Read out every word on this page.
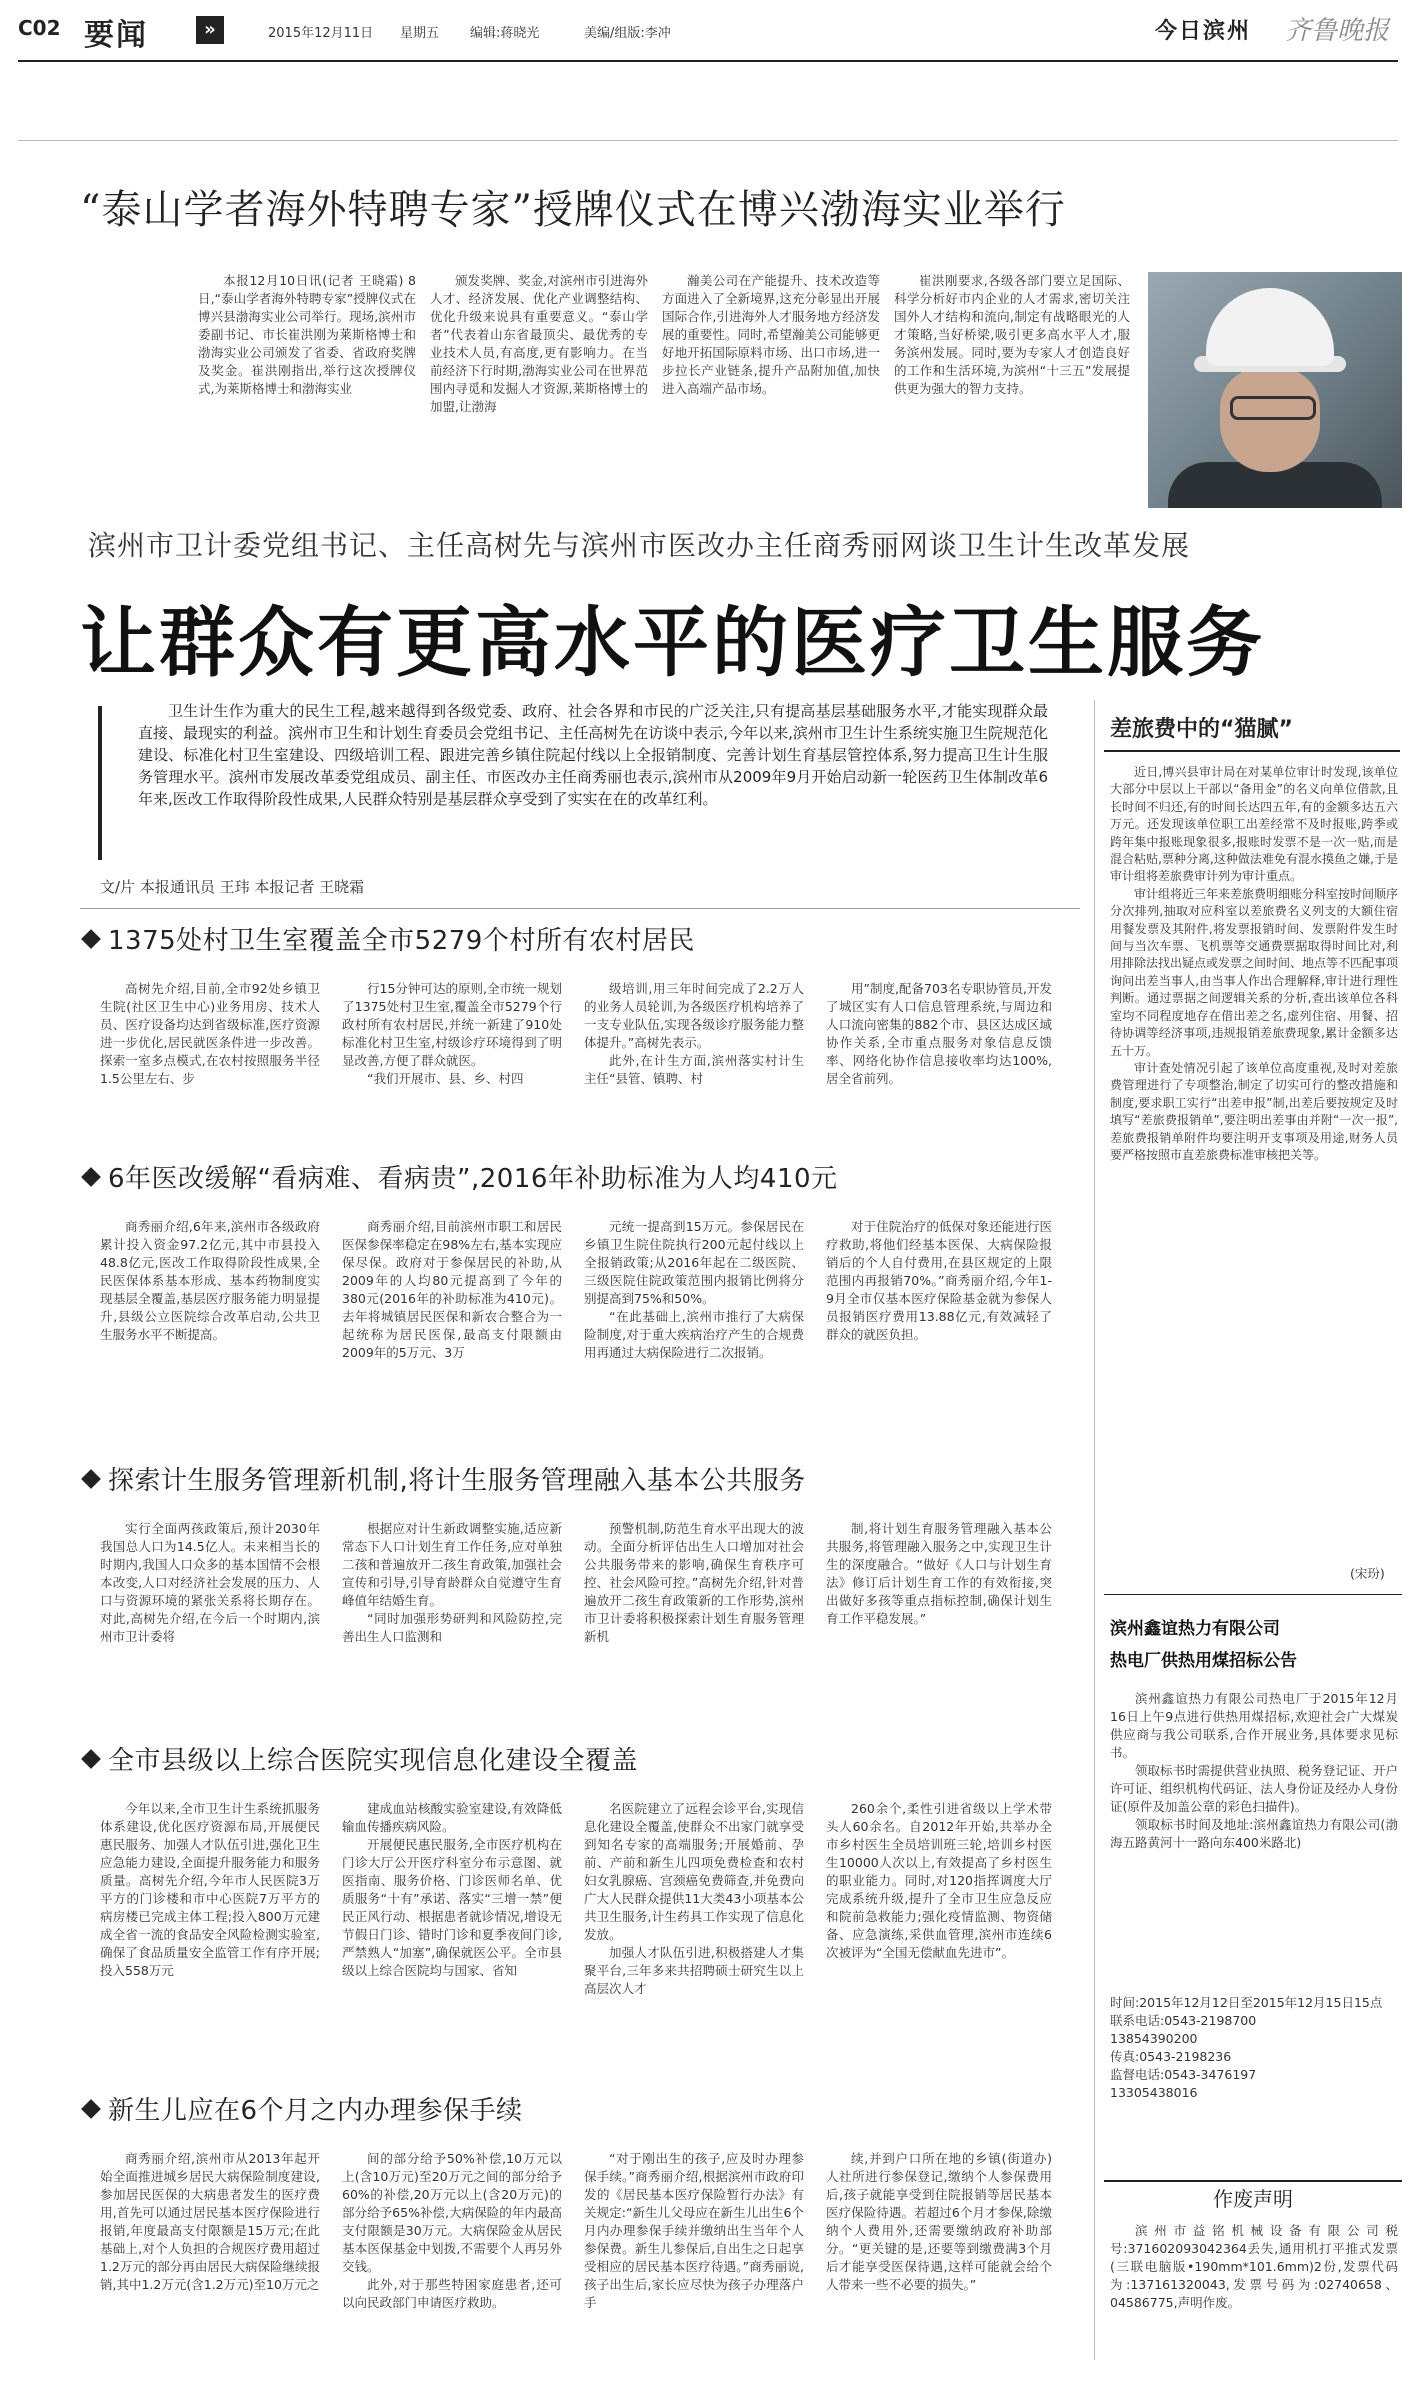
C02 要闻	»	2015年12月11日 星期五 编辑:蒋晓光	美编/组版:李冲	今日滨州 齐鲁晚报
“泰山学者海外特聘专家”授牌仪式在博兴渤海实业举行

本报12月10日讯(记者 王晓霜) 8日,“泰山学者海外特聘专家”授牌仪式在博兴县渤海实业公司举行。现场,滨州市委副书记、市长崔洪刚为莱斯格博士和渤海实业公司颁发了省委、省政府奖牌及奖金。崔洪刚指出,举行这次授牌仪式,为莱斯格博士和渤海实业

颁发奖牌、奖金,对滨州市引进海外人才、经济发展、优化产业调整结构、优化升级来说具有重要意义。“泰山学者”代表着山东省最顶尖、最优秀的专业技术人员,有高度,更有影响力。在当前经济下行时期,渤海实业公司在世界范围内寻觅和发掘人才资源,莱斯格博士的加盟,让渤海

瀚美公司在产能提升、技术改造等方面进入了全新境界,这充分彰显出开展国际合作,引进海外人才服务地方经济发展的重要性。同时,希望瀚美公司能够更好地开拓国际原料市场、出口市场,进一步拉长产业链条,提升产品附加值,加快进入高端产品市场。

崔洪刚要求,各级各部门要立足国际、科学分析好市内企业的人才需求,密切关注国外人才结构和流向,制定有战略眼光的人才策略,当好桥梁,吸引更多高水平人才,服务滨州发展。同时,要为专家人才创造良好的工作和生活环境,为滨州“十三五”发展提供更为强大的智力支持。

滨州市卫计委党组书记、主任高树先与滨州市医改办主任商秀丽网谈卫生计生改革发展
让群众有更高水平的医疗卫生服务

卫生计生作为重大的民生工程,越来越得到各级党委、政府、社会各界和市民的广泛关注,只有提高基层基础服务水平,才能实现群众最直接、最现实的利益。滨州市卫生和计划生育委员会党组书记、主任高树先在访谈中表示,今年以来,滨州市卫生计生系统实施卫生院规范化建设、标准化村卫生室建设、四级培训工程、跟进完善乡镇住院起付线以上全报销制度、完善计划生育基层管控体系,努力提高卫生计生服务管理水平。滨州市发展改革委党组成员、副主任、市医改办主任商秀丽也表示,滨州市从2009年9月开始启动新一轮医药卫生体制改革6年来,医改工作取得阶段性成果,人民群众特别是基层群众享受到了实实在在的改革红利。

文/片 本报通讯员 王玮 本报记者 王晓霜
1375处村卫生室覆盖全市5279个村所有农村居民

高树先介绍,目前,全市92处乡镇卫生院(社区卫生中心)业务用房、技术人员、医疗设备均达到省级标准,医疗资源进一步优化,居民就医条件进一步改善。探索一室多点模式,在农村按照服务半径1.5公里左右、步

行15分钟可达的原则,全市统一规划了1375处村卫生室,覆盖全市5279个行政村所有农村居民,并统一新建了910处标准化村卫生室,村级诊疗环境得到了明显改善,方便了群众就医。

“我们开展市、县、乡、村四

级培训,用三年时间完成了2.2万人的业务人员轮训,为各级医疗机构培养了一支专业队伍,实现各级诊疗服务能力整体提升。”高树先表示。

此外,在计生方面,滨州落实村计生主任“县管、镇聘、村

用”制度,配备703名专职协管员,开发了城区实有人口信息管理系统,与周边和人口流向密集的882个市、县区达成区域协作关系,全市重点服务对象信息反馈率、网络化协作信息接收率均达100%,居全省前列。

6年医改缓解“看病难、看病贵”,2016年补助标准为人均410元

商秀丽介绍,6年来,滨州市各级政府累计投入资金97.2亿元,其中市县投入48.8亿元,医改工作取得阶段性成果,全民医保体系基本形成、基本药物制度实现基层全覆盖,基层医疗服务能力明显提升,县级公立医院综合改革启动,公共卫生服务水平不断提高。

商秀丽介绍,目前滨州市职工和居民医保参保率稳定在98%左右,基本实现应保尽保。政府对于参保居民的补助,从2009年的人均80元提高到了今年的380元(2016年的补助标准为410元)。去年将城镇居民医保和新农合整合为一起统称为居民医保,最高支付限额由2009年的5万元、3万

元统一提高到15万元。参保居民在乡镇卫生院住院执行200元起付线以上全报销政策;从2016年起在二级医院、三级医院住院政策范围内报销比例将分别提高到75%和50%。

“在此基础上,滨州市推行了大病保险制度,对于重大疾病治疗产生的合规费用再通过大病保险进行二次报销。

对于住院治疗的低保对象还能进行医疗救助,将他们经基本医保、大病保险报销后的个人自付费用,在县区规定的上限范围内再报销70%。”商秀丽介绍,今年1-9月全市仅基本医疗保险基金就为参保人员报销医疗费用13.88亿元,有效减轻了群众的就医负担。

探索计生服务管理新机制,将计生服务管理融入基本公共服务

实行全面两孩政策后,预计2030年我国总人口为14.5亿人。未来相当长的时期内,我国人口众多的基本国情不会根本改变,人口对经济社会发展的压力、人口与资源环境的紧张关系将长期存在。对此,高树先介绍,在今后一个时期内,滨州市卫计委将

根据应对计生新政调整实施,适应新常态下人口计划生育工作任务,应对单独二孩和普遍放开二孩生育政策,加强社会宣传和引导,引导育龄群众自觉遵守生育峰值年结婚生育。

“同时加强形势研判和风险防控,完善出生人口监测和

预警机制,防范生育水平出现大的波动。全面分析评估出生人口增加对社会公共服务带来的影响,确保生育秩序可控、社会风险可控。”高树先介绍,针对普遍放开二孩生育政策新的工作形势,滨州市卫计委将积极探索计划生育服务管理新机

制,将计划生育服务管理融入基本公共服务,将管理融入服务之中,实现卫生计生的深度融合。“做好《人口与计划生育法》修订后计划生育工作的有效衔接,突出做好多孩等重点指标控制,确保计划生育工作平稳发展。”

全市县级以上综合医院实现信息化建设全覆盖

今年以来,全市卫生计生系统抓服务体系建设,优化医疗资源布局,开展便民惠民服务、加强人才队伍引进,强化卫生应急能力建设,全面提升服务能力和服务质量。高树先介绍,今年市人民医院3万平方的门诊楼和市中心医院7万平方的病房楼已完成主体工程;投入800万元建成全省一流的食品安全风险检测实验室,确保了食品质量安全监管工作有序开展;投入558万元

建成血站核酸实验室建设,有效降低输血传播疾病风险。

开展便民惠民服务,全市医疗机构在门诊大厅公开医疗科室分布示意图、就医指南、服务价格、门诊医师名单、优质服务“十有”承诺、落实“三增一禁”便民正风行动、根据患者就诊情况,增设无节假日门诊、错时门诊和夏季夜间门诊,严禁熟人“加塞”,确保就医公平。全市县级以上综合医院均与国家、省知

名医院建立了远程会诊平台,实现信息化建设全覆盖,使群众不出家门就享受到知名专家的高端服务;开展婚前、孕前、产前和新生儿四项免费检查和农村妇女乳腺癌、宫颈癌免费筛查,并免费向广大人民群众提供11大类43小项基本公共卫生服务,计生药具工作实现了信息化发放。

加强人才队伍引进,积极搭建人才集聚平台,三年多来共招聘硕士研究生以上高层次人才

260余个,柔性引进省级以上学术带头人60余名。自2012年开始,共举办全市乡村医生全员培训班三轮,培训乡村医生10000人次以上,有效提高了乡村医生的职业能力。同时,对120指挥调度大厅完成系统升级,提升了全市卫生应急反应和院前急救能力;强化疫情监测、物资储备、应急演练,采供血管理,滨州市连续6次被评为“全国无偿献血先进市”。

新生儿应在6个月之内办理参保手续

商秀丽介绍,滨州市从2013年起开始全面推进城乡居民大病保险制度建设,参加居民医保的大病患者发生的医疗费用,首先可以通过居民基本医疗保险进行报销,年度最高支付限额是15万元;在此基础上,对个人负担的合规医疗费用超过1.2万元的部分再由居民大病保险继续报销,其中1.2万元(含1.2万元)至10万元之

间的部分给予50%补偿,10万元以上(含10万元)至20万元之间的部分给予60%的补偿,20万元以上(含20万元)的部分给予65%补偿,大病保险的年内最高支付限额是30万元。大病保险金从居民基本医保基金中划拨,不需要个人再另外交钱。

此外,对于那些特困家庭患者,还可以向民政部门申请医疗救助。

“对于刚出生的孩子,应及时办理参保手续。”商秀丽介绍,根据滨州市政府印发的《居民基本医疗保险暂行办法》有关规定:“新生儿父母应在新生儿出生6个月内办理参保手续并缴纳出生当年个人参保费。新生儿参保后,自出生之日起享受相应的居民基本医疗待遇。”商秀丽说,孩子出生后,家长应尽快为孩子办理落户手

续,并到户口所在地的乡镇(街道办)人社所进行参保登记,缴纳个人参保费用后,孩子就能享受到住院报销等居民基本医疗保险待遇。若超过6个月才参保,除缴纳个人费用外,还需要缴纳政府补助部分。“更关键的是,还要等到缴费满3个月后才能享受医保待遇,这样可能就会给个人带来一些不必要的损失。”

差旅费中的“猫腻”

近日,博兴县审计局在对某单位审计时发现,该单位大部分中层以上干部以“备用金”的名义向单位借款,且长时间不归还,有的时间长达四五年,有的金额多达五六万元。还发现该单位职工出差经常不及时报账,跨季或跨年集中报账现象很多,报账时发票不是一次一贴,而是混合粘贴,票种分离,这种做法难免有混水摸鱼之嫌,于是审计组将差旅费审计列为审计重点。

审计组将近三年来差旅费明细账分科室按时间顺序分次排列,抽取对应科室以差旅费名义列支的大额住宿用餐发票及其附件,将发票报销时间、发票附件发生时间与当次车票、飞机票等交通费票据取得时间比对,利用排除法找出疑点或发票之间时间、地点等不匹配事项询问出差当事人,由当事人作出合理解释,审计进行理性判断。通过票据之间逻辑关系的分析,查出该单位各科室均不同程度地存在借出差之名,虚列住宿、用餐、招待协调等经济事项,违规报销差旅费现象,累计金额多达五十万。

审计查处情况引起了该单位高度重视,及时对差旅费管理进行了专项整治,制定了切实可行的整改措施和制度,要求职工实行“出差申报”制,出差后要按规定及时填写“差旅费报销单”,要注明出差事由并附“一次一报”,差旅费报销单附件均要注明开支事项及用途,财务人员要严格按照市直差旅费标准审核把关等。

(宋玢)
滨州鑫谊热力有限公司
热电厂供热用煤招标公告

滨州鑫谊热力有限公司热电厂于2015年12月16日上午9点进行供热用煤招标,欢迎社会广大煤炭供应商与我公司联系,合作开展业务,具体要求见标书。

领取标书时需提供营业执照、税务登记证、开户许可证、组织机构代码证、法人身份证及经办人身份证(原件及加盖公章的彩色扫描件)。

领取标书时间及地址:滨州鑫谊热力有限公司(渤海五路黄河十一路向东400米路北)

时间:2015年12月12日至2015年12月15日15点
联系电话:0543-2198700
13854390200
传真:0543-2198236
监督电话:0543-3476197
13305438016
作废声明

滨州市益铭机械设备有限公司税号:371602093042364丢失,通用机打平推式发票(三联电脑版•190mm*101.6mm)2份,发票代码为:137161320043,发票号码为:02740658、04586775,声明作废。
